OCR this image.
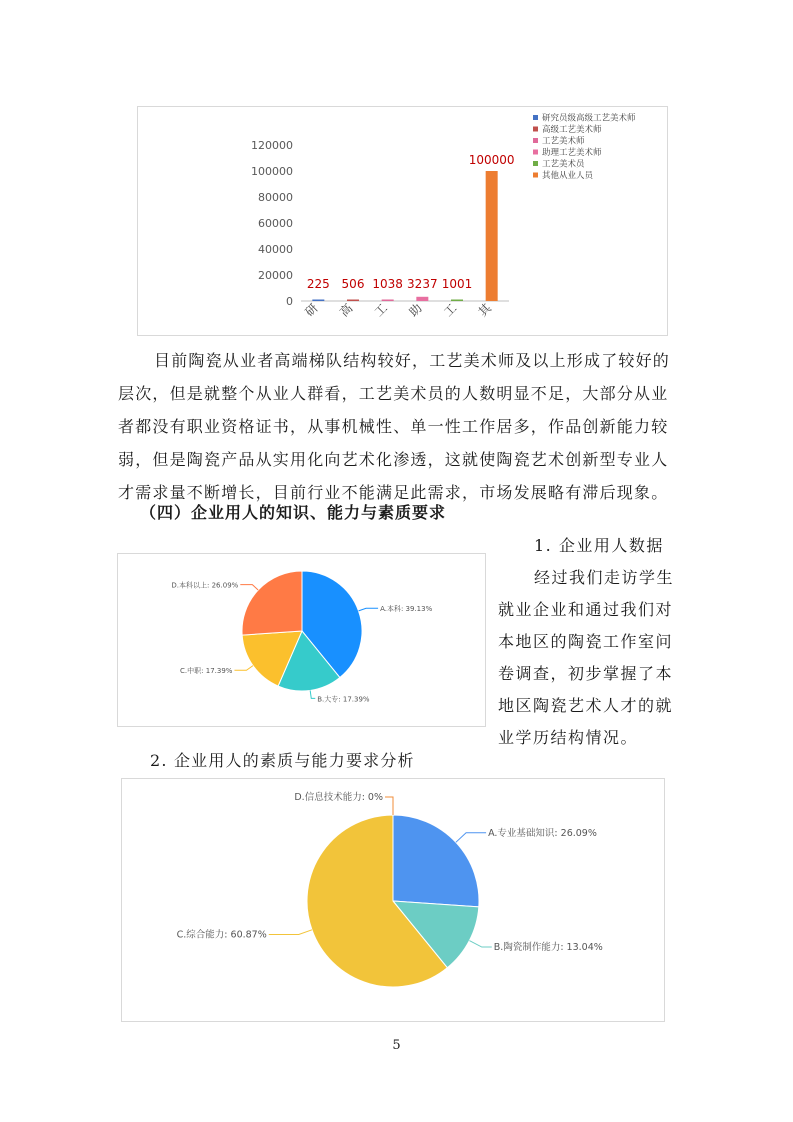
0
20000
40000
60000
80000
100000
120000
225
研
506
高
1038
工
3237
助
1001
工
100000
其
研究员级高级工艺美术师
高级工艺美术师
工艺美术师
助理工艺美术师
工艺美术员
其他从业人员

目前陶瓷从业者高端梯队结构较好，工艺美术师及以上形成了较好的层次，但是就整个从业人群看，工艺美术员的人数明显不足，大部分从业者都没有职业资格证书，从事机械性、单一性工作居多，作品创新能力较弱，但是陶瓷产品从实用化向艺术化渗透，这就使陶瓷艺术创新型专业人才需求量不断增长，目前行业不能满足此需求，市场发展略有滞后现象。

（四）企业用人的知识、能力与素质要求

A.本科: 39.13%
B.大专: 17.39%
C.中职: 17.39%
D.本科以上: 26.09%

1. 企业用人数据

经过我们走访学生就业企业和通过我们对本地区的陶瓷工作室问卷调查，初步掌握了本地区陶瓷艺术人才的就业学历结构情况。

2. 企业用人的素质与能力要求分析

A.专业基础知识: 26.09%
B.陶瓷制作能力: 13.04%
C.综合能力: 60.87%
D.信息技术能力: 0%
5
